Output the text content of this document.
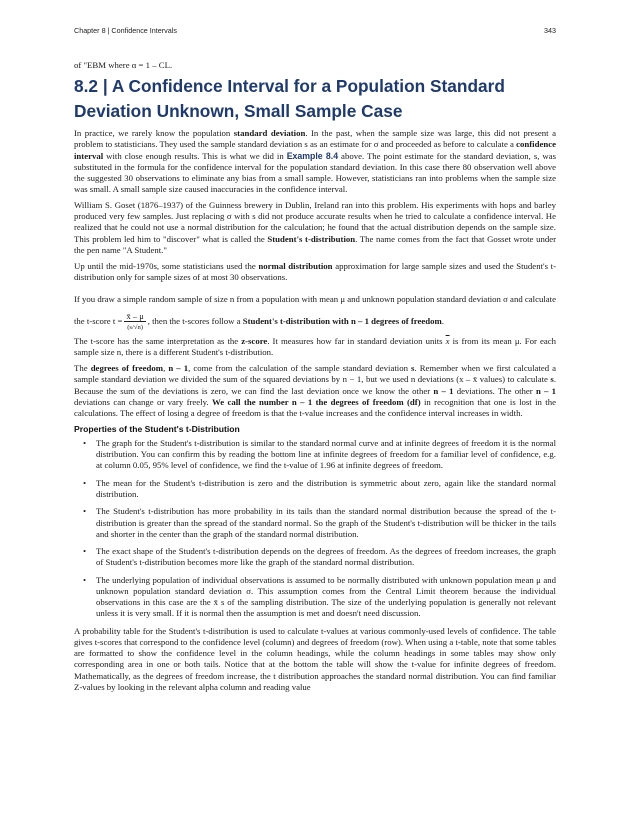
Chapter 8 | Confidence Intervals	343

of "EBM where α = 1 – CL.

8.2 | A Confidence Interval for a Population Standard Deviation Unknown, Small Sample Case

In practice, we rarely know the population standard deviation. In the past, when the sample size was large, this did not present a problem to statisticians. They used the sample standard deviation s as an estimate for σ and proceeded as before to calculate a confidence interval with close enough results. This is what we did in Example 8.4 above. The point estimate for the standard deviation, s, was substituted in the formula for the confidence interval for the population standard deviation. In this case there 80 observation well above the suggested 30 observations to eliminate any bias from a small sample. However, statisticians ran into problems when the sample size was small. A small sample size caused inaccuracies in the confidence interval.

William S. Goset (1876–1937) of the Guinness brewery in Dublin, Ireland ran into this problem. His experiments with hops and barley produced very few samples. Just replacing σ with s did not produce accurate results when he tried to calculate a confidence interval. He realized that he could not use a normal distribution for the calculation; he found that the actual distribution depends on the sample size. This problem led him to "discover" what is called the Student's t-distribution. The name comes from the fact that Gosset wrote under the pen name "A Student."

Up until the mid-1970s, some statisticians used the normal distribution approximation for large sample sizes and used the Student's t-distribution only for sample sizes of at most 30 observations.

If you draw a simple random sample of size n from a population with mean μ and unknown population standard deviation σ and calculate the t-score $t = \frac{x̄ - \mu}{(s/√n)}$ , then the t-scores follow a Student's t-distribution with n – 1 degrees of freedom.

The t-score has the same interpretation as the z-score. It measures how far in standard deviation units $\overline{x}$ is from its mean μ. For each sample size n, there is a different Student's t-distribution.

The degrees of freedom, n – 1, come from the calculation of the sample standard deviation s. Remember when we first calculated a sample standard deviation we divided the sum of the squared deviations by n − 1, but we used n deviations (x – x̄ values) to calculate s. Because the sum of the deviations is zero, we can find the last deviation once we know the other n – 1 deviations. The other n – 1 deviations can change or vary freely. We call the number n – 1 the degrees of freedom (df) in recognition that one is lost in the calculations. The effect of losing a degree of freedom is that the t-value increases and the confidence interval increases in width.

Properties of the Student's t-Distribution
• The graph for the Student's t-distribution is similar to the standard normal curve and at infinite degrees of freedom it is the normal distribution. You can confirm this by reading the bottom line at infinite degrees of freedom for a familiar level of confidence, e.g. at column 0.05, 95% level of confidence, we find the t-value of 1.96 at infinite degrees of freedom.
• The mean for the Student's t-distribution is zero and the distribution is symmetric about zero, again like the standard normal distribution.
• The Student's t-distribution has more probability in its tails than the standard normal distribution because the spread of the t-distribution is greater than the spread of the standard normal. So the graph of the Student's t-distribution will be thicker in the tails and shorter in the center than the graph of the standard normal distribution.
• The exact shape of the Student's t-distribution depends on the degrees of freedom. As the degrees of freedom increases, the graph of Student's t-distribution becomes more like the graph of the standard normal distribution.
• The underlying population of individual observations is assumed to be normally distributed with unknown population mean μ and unknown population standard deviation σ. This assumption comes from the Central Limit theorem because the individual observations in this case are the x̄ s of the sampling distribution. The size of the underlying population is generally not relevant unless it is very small. If it is normal then the assumption is met and doesn't need discussion.

A probability table for the Student's t-distribution is used to calculate t-values at various commonly-used levels of confidence. The table gives t-scores that correspond to the confidence level (column) and degrees of freedom (row). When using a t-table, note that some tables are formatted to show the confidence level in the column headings, while the column headings in some tables may show only corresponding area in one or both tails. Notice that at the bottom the table will show the t-value for infinite degrees of freedom. Mathematically, as the degrees of freedom increase, the t distribution approaches the standard normal distribution. You can find familiar Z-values by looking in the relevant alpha column and reading value
